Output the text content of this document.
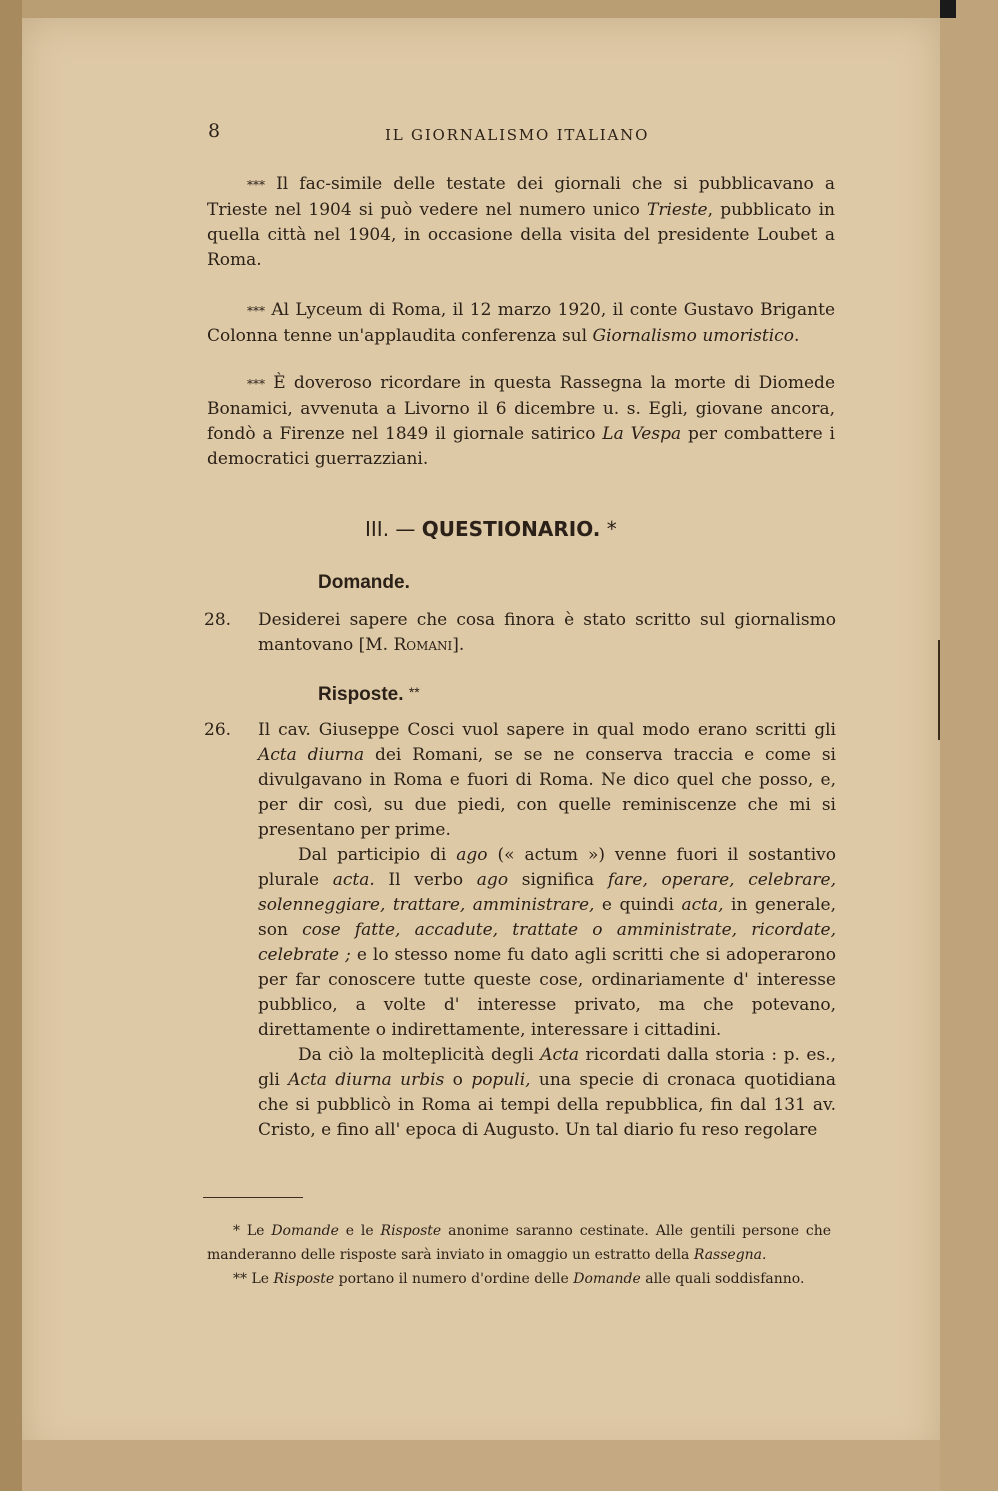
8	IL GIORNALISMO ITALIANO
*** Il fac-simile delle testate dei giornali che si pubblicavano a Trieste nel 1904 si può vedere nel numero unico Trieste, pubblicato in quella città nel 1904, in occasione della visita del presidente Loubet a Roma.
*** Al Lyceum di Roma, il 12 marzo 1920, il conte Gustavo Brigante Colonna tenne un'applaudita conferenza sul Giornalismo umoristico.
*** È doveroso ricordare in questa Rassegna la morte di Diomede Bonamici, avvenuta a Livorno il 6 dicembre u. s. Egli, giovane ancora, fondò a Firenze nel 1849 il giornale satirico La Vespa per combattere i democratici guerrazziani.
III. — QUESTIONARIO. *
Domande.
28. Desiderei sapere che cosa finora è stato scritto sul giornalismo mantovano [M. Romani].
Risposte. **
26. Il cav. Giuseppe Cosci vuol sapere in qual modo erano scritti gli Acta diurna dei Romani, se se ne conserva traccia e come si divulgavano in Roma e fuori di Roma. Ne dico quel che posso, e, per dir così, su due piedi, con quelle reminiscenze che mi si presentano per prime.
Dal participio di ago (« actum ») venne fuori il sostantivo plurale acta. Il verbo ago significa fare, operare, celebrare, solenneggiare, trattare, amministrare, e quindi acta, in generale, son cose fatte, accadute, trattate o amministrate, ricordate, celebrate ; e lo stesso nome fu dato agli scritti che si adoperarono per far conoscere tutte queste cose, ordinariamente d' interesse pubblico, a volte d' interesse privato, ma che potevano, direttamente o indirettamente, interessare i cittadini.
Da ciò la molteplicità degli Acta ricordati dalla storia : p. es., gli Acta diurna urbis o populi, una specie di cronaca quotidiana che si pubblicò in Roma ai tempi della repubblica, fin dal 131 av. Cristo, e fino all' epoca di Augusto. Un tal diario fu reso regolare
* Le Domande e le Risposte anonime saranno cestinate. Alle gentili persone che manderanno delle risposte sarà inviato in omaggio un estratto della Rassegna.
** Le Risposte portano il numero d'ordine delle Domande alle quali soddisfanno.
